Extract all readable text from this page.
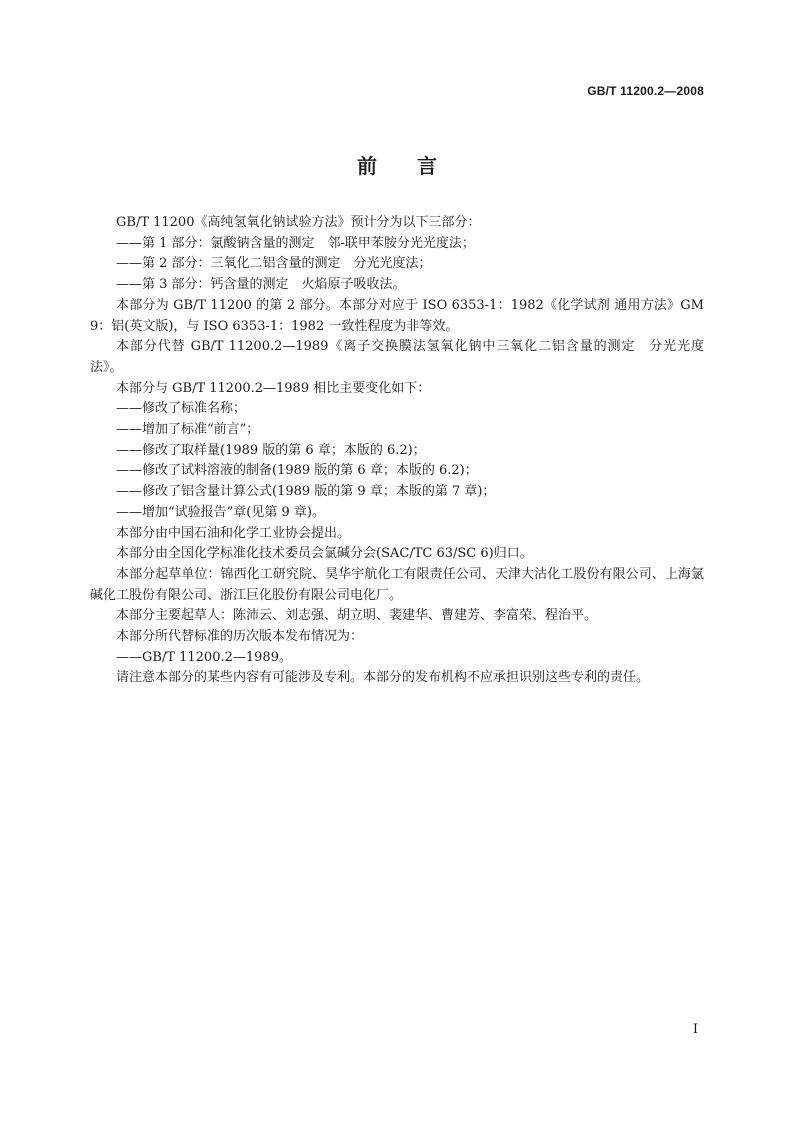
GB/T 11200.2—2008
前　　言

GB/T 11200《高纯氢氧化钠试验方法》预计分为以下三部分：

——第 1 部分：氯酸钠含量的测定　邻-联甲苯胺分光光度法；

——第 2 部分：三氧化二铝含量的测定　分光光度法；

——第 3 部分：钙含量的测定　火焰原子吸收法。

本部分为 GB/T 11200 的第 2 部分。本部分对应于 ISO 6353-1：1982《化学试剂 通用方法》GM 9：铝(英文版)，与 ISO 6353-1：1982 一致性程度为非等效。

本部分代替 GB/T 11200.2—1989《离子交换膜法氢氧化钠中三氧化二铝含量的测定　分光光度法》。

本部分与 GB/T 11200.2—1989 相比主要变化如下：

——修改了标准名称；

——增加了标准“前言”；

——修改了取样量(1989 版的第 6 章；本版的 6.2)；

——修改了试料溶液的制备(1989 版的第 6 章；本版的 6.2)；

——修改了铝含量计算公式(1989 版的第 9 章；本版的第 7 章)；

——增加“试验报告”章(见第 9 章)。

本部分由中国石油和化学工业协会提出。

本部分由全国化学标准化技术委员会氯碱分会(SAC/TC 63/SC 6)归口。

本部分起草单位：锦西化工研究院、昊华宇航化工有限责任公司、天津大沽化工股份有限公司、上海氯碱化工股份有限公司、浙江巨化股份有限公司电化厂。

本部分主要起草人：陈沛云、刘志强、胡立明、裴建华、曹建芳、李富荣、程治平。

本部分所代替标准的历次版本发布情况为：

——GB/T 11200.2—1989。

请注意本部分的某些内容有可能涉及专利。本部分的发布机构不应承担识别这些专利的责任。

I
